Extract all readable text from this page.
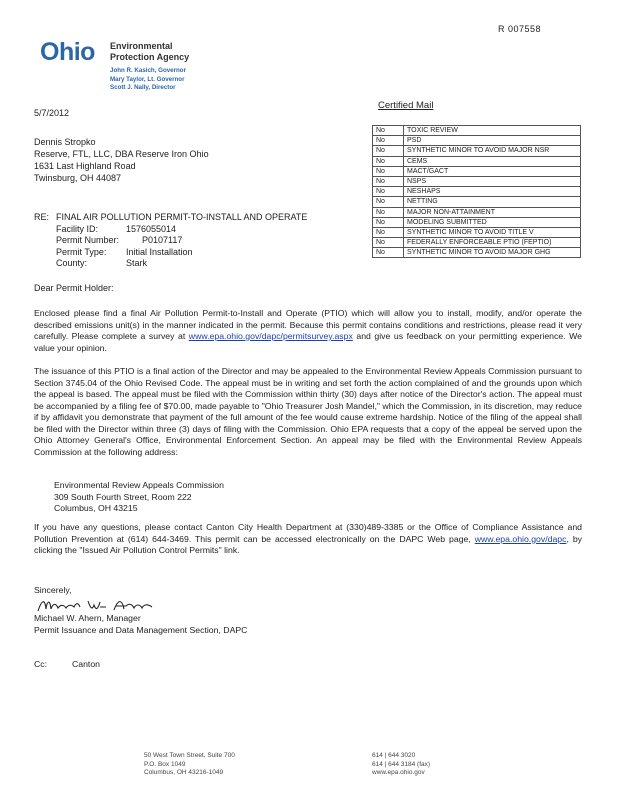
R 007558
Ohio Environmental
Protection Agency
John R. Kasich, Governor
Mary Taylor, Lt. Governor
Scott J. Nally, Director
Certified Mail
5/7/2012
Dennis Stropko
Reserve, FTL, LLC, DBA Reserve Iron Ohio
1631 Last Highland Road
Twinsburg, OH 44087
No	TOXIC REVIEW
No	PSD
No	SYNTHETIC MINOR TO AVOID MAJOR NSR
No	CEMS
No	MACT/GACT
No	NSPS
No	NESHAPS
No	NETTING
No	MAJOR NON-ATTAINMENT
No	MODELING SUBMITTED
No	SYNTHETIC MINOR TO AVOID TITLE V
No	FEDERALLY ENFORCEABLE PTIO (FEPTIO)
No	SYNTHETIC MINOR TO AVOID MAJOR GHG
RE: FINAL AIR POLLUTION PERMIT-TO-INSTALL AND OPERATE
Facility ID:	1576055014
Permit Number:	P0107117
Permit Type:	Initial Installation
County:	Stark
Dear Permit Holder:
Enclosed please find a final Air Pollution Permit-to-Install and Operate (PTIO) which will allow you to install, modify, and/or operate the described emissions unit(s) in the manner indicated in the permit. Because this permit contains conditions and restrictions, please read it very carefully. Please complete a survey at www.epa.ohio.gov/dapc/permitsurvey.aspx and give us feedback on your permitting experience. We value your opinion.
The issuance of this PTIO is a final action of the Director and may be appealed to the Environmental Review Appeals Commission pursuant to Section 3745.04 of the Ohio Revised Code. The appeal must be in writing and set forth the action complained of and the grounds upon which the appeal is based. The appeal must be filed with the Commission within thirty (30) days after notice of the Director's action. The appeal must be accompanied by a filing fee of $70.00, made payable to "Ohio Treasurer Josh Mandel," which the Commission, in its discretion, may reduce if by affidavit you demonstrate that payment of the full amount of the fee would cause extreme hardship. Notice of the filing of the appeal shall be filed with the Director within three (3) days of filing with the Commission. Ohio EPA requests that a copy of the appeal be served upon the Ohio Attorney General's Office, Environmental Enforcement Section. An appeal may be filed with the Environmental Review Appeals Commission at the following address:
Environmental Review Appeals Commission
309 South Fourth Street, Room 222
Columbus, OH 43215
If you have any questions, please contact Canton City Health Department at (330)489-3385 or the Office of Compliance Assistance and Pollution Prevention at (614) 644-3469. This permit can be accessed electronically on the DAPC Web page, www.epa.ohio.gov/dapc, by clicking the "Issued Air Pollution Control Permits" link.
Sincerely,
Michael W. Ahern, Manager
Permit Issuance and Data Management Section, DAPC
Cc:	Canton
50 West Town Street, Suite 700
P.O. Box 1049
Columbus, OH 43216-1049
614 | 644 3020
614 | 644 3184 (fax)
www.epa.ohio.gov
